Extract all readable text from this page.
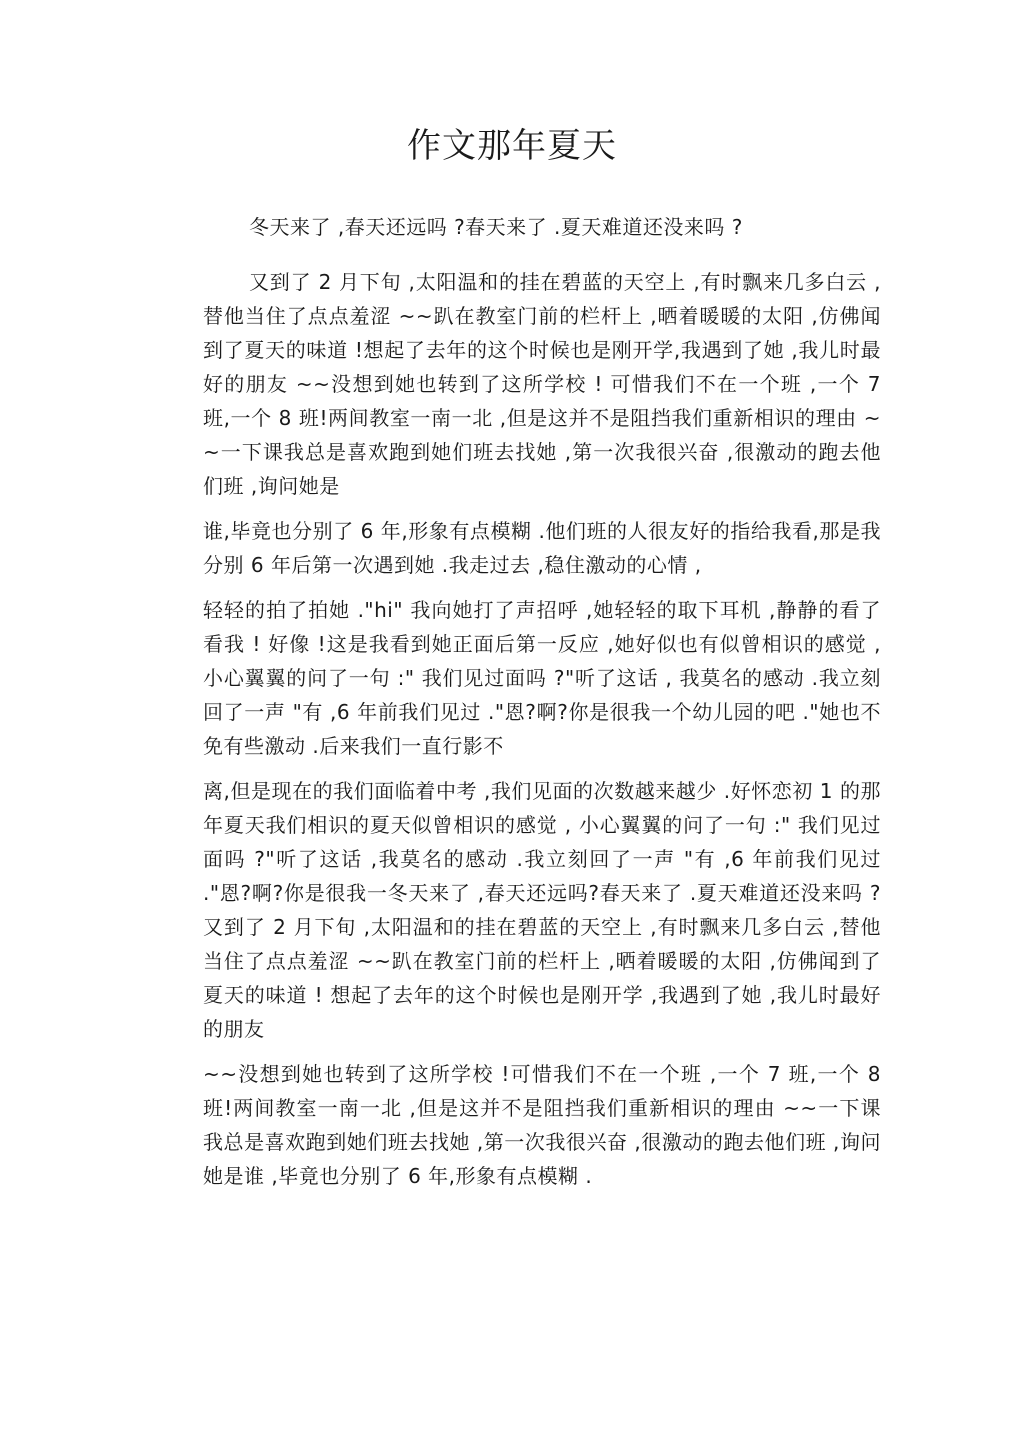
作文那年夏天

冬天来了 ,春天还远吗 ?春天来了 .夏天难道还没来吗 ?

又到了 2 月下旬 ,太阳温和的挂在碧蓝的天空上 ,有时飘来几多白云 ,替他当住了点点羞涩 ~~趴在教室门前的栏杆上 ,晒着暖暖的太阳 ,仿佛闻到了夏天的味道 !想起了去年的这个时候也是刚开学,我遇到了她 ,我儿时最好的朋友 ~~没想到她也转到了这所学校 ! 可惜我们不在一个班 ,一个 7 班,一个 8 班!两间教室一南一北 ,但是这并不是阻挡我们重新相识的理由 ~~一下课我总是喜欢跑到她们班去找她 ,第一次我很兴奋 ,很激动的跑去他们班 ,询问她是

谁,毕竟也分别了 6 年,形象有点模糊 .他们班的人很友好的指给我看,那是我分别 6 年后第一次遇到她 .我走过去 ,稳住激动的心情 ,

轻轻的拍了拍她 ."hi" 我向她打了声招呼 ,她轻轻的取下耳机 ,静静的看了看我 ! 好像 !这是我看到她正面后第一反应 ,她好似也有似曾相识的感觉 , 小心翼翼的问了一句 :" 我们见过面吗 ?"听了这话 , 我莫名的感动 .我立刻回了一声 "有 ,6 年前我们见过 ."恩?啊?你是很我一个幼儿园的吧 ."她也不免有些激动 .后来我们一直行影不

离,但是现在的我们面临着中考 ,我们见面的次数越来越少 .好怀恋初 1 的那年夏天我们相识的夏天似曾相识的感觉 , 小心翼翼的问了一句 :" 我们见过面吗 ?"听了这话 ,我莫名的感动 .我立刻回了一声 "有 ,6 年前我们见过 ."恩?啊?你是很我一冬天来了 ,春天还远吗?春天来了 .夏天难道还没来吗 ?又到了 2 月下旬 ,太阳温和的挂在碧蓝的天空上 ,有时飘来几多白云 ,替他当住了点点羞涩 ~~趴在教室门前的栏杆上 ,晒着暖暖的太阳 ,仿佛闻到了夏天的味道 ! 想起了去年的这个时候也是刚开学 ,我遇到了她 ,我儿时最好的朋友

~~没想到她也转到了这所学校 !可惜我们不在一个班 ,一个 7 班,一个 8 班!两间教室一南一北 ,但是这并不是阻挡我们重新相识的理由 ~~一下课我总是喜欢跑到她们班去找她 ,第一次我很兴奋 ,很激动的跑去他们班 ,询问她是谁 ,毕竟也分别了 6 年,形象有点模糊 .
